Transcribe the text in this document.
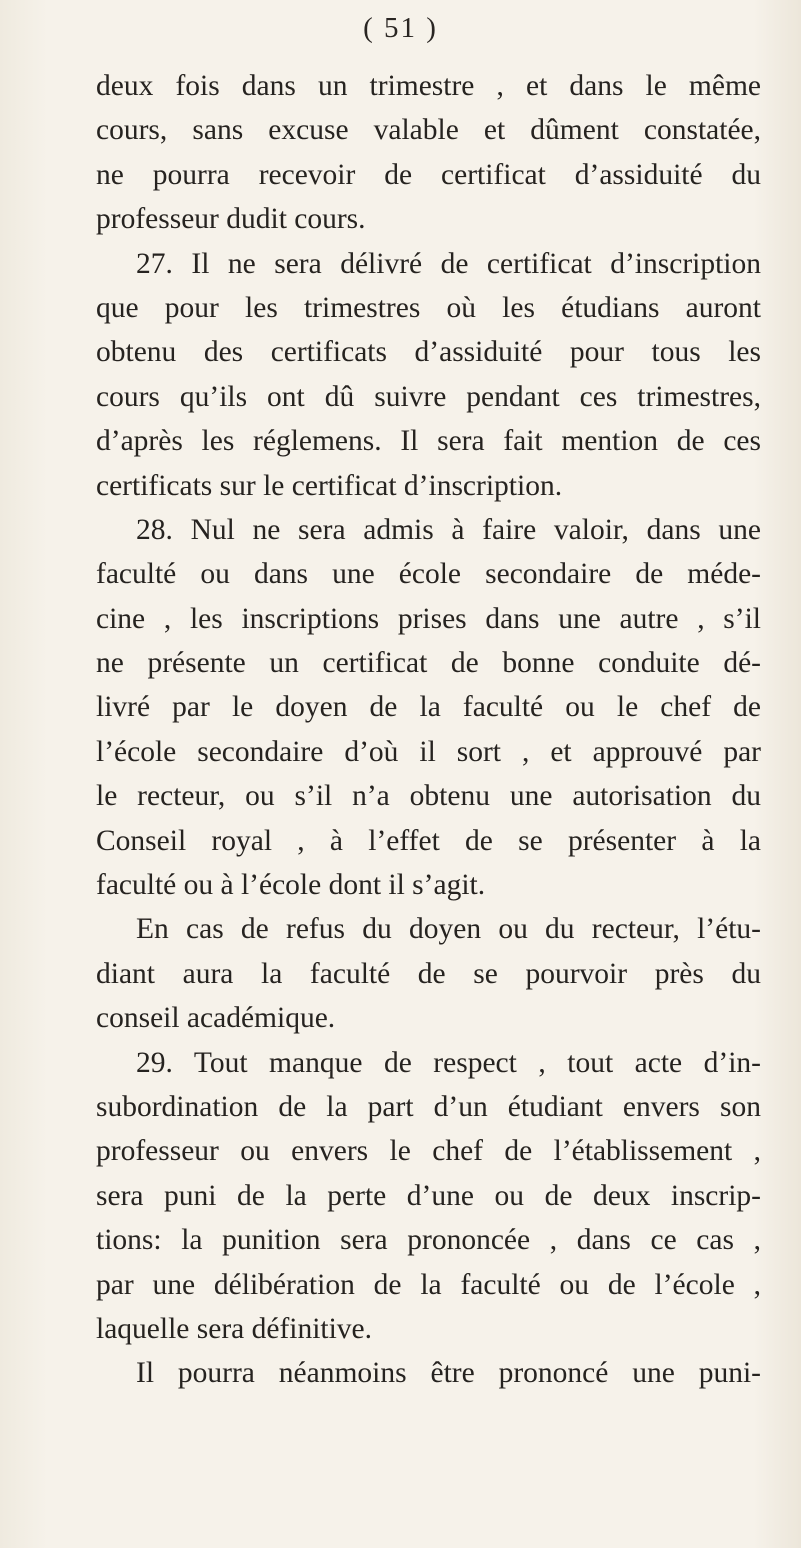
( 51 )
deux fois dans un trimestre , et dans le même
cours, sans excuse valable et dûment constatée,
ne pourra recevoir de certificat d’assiduité du
professeur dudit cours.
27. Il ne sera délivré de certificat d’inscription
que pour les trimestres où les étudians auront
obtenu des certificats d’assiduité pour tous les
cours qu’ils ont dû suivre pendant ces trimestres,
d’après les réglemens. Il sera fait mention de ces
certificats sur le certificat d’inscription.
28. Nul ne sera admis à faire valoir, dans une
faculté ou dans une école secondaire de méde-
cine , les inscriptions prises dans une autre , s’il
ne présente un certificat de bonne conduite dé-
livré par le doyen de la faculté ou le chef de
l’école secondaire d’où il sort , et approuvé par
le recteur, ou s’il n’a obtenu une autorisation du
Conseil royal , à l’effet de se présenter à la
faculté ou à l’école dont il s’agit.
En cas de refus du doyen ou du recteur, l’étu-
diant aura la faculté de se pourvoir près du
conseil académique.
29. Tout manque de respect , tout acte d’in-
subordination de la part d’un étudiant envers son
professeur ou envers le chef de l’établissement ,
sera puni de la perte d’une ou de deux inscrip-
tions: la punition sera prononcée , dans ce cas ,
par une délibération de la faculté ou de l’école ,
laquelle sera définitive.
Il pourra néanmoins être prononcé une puni-
